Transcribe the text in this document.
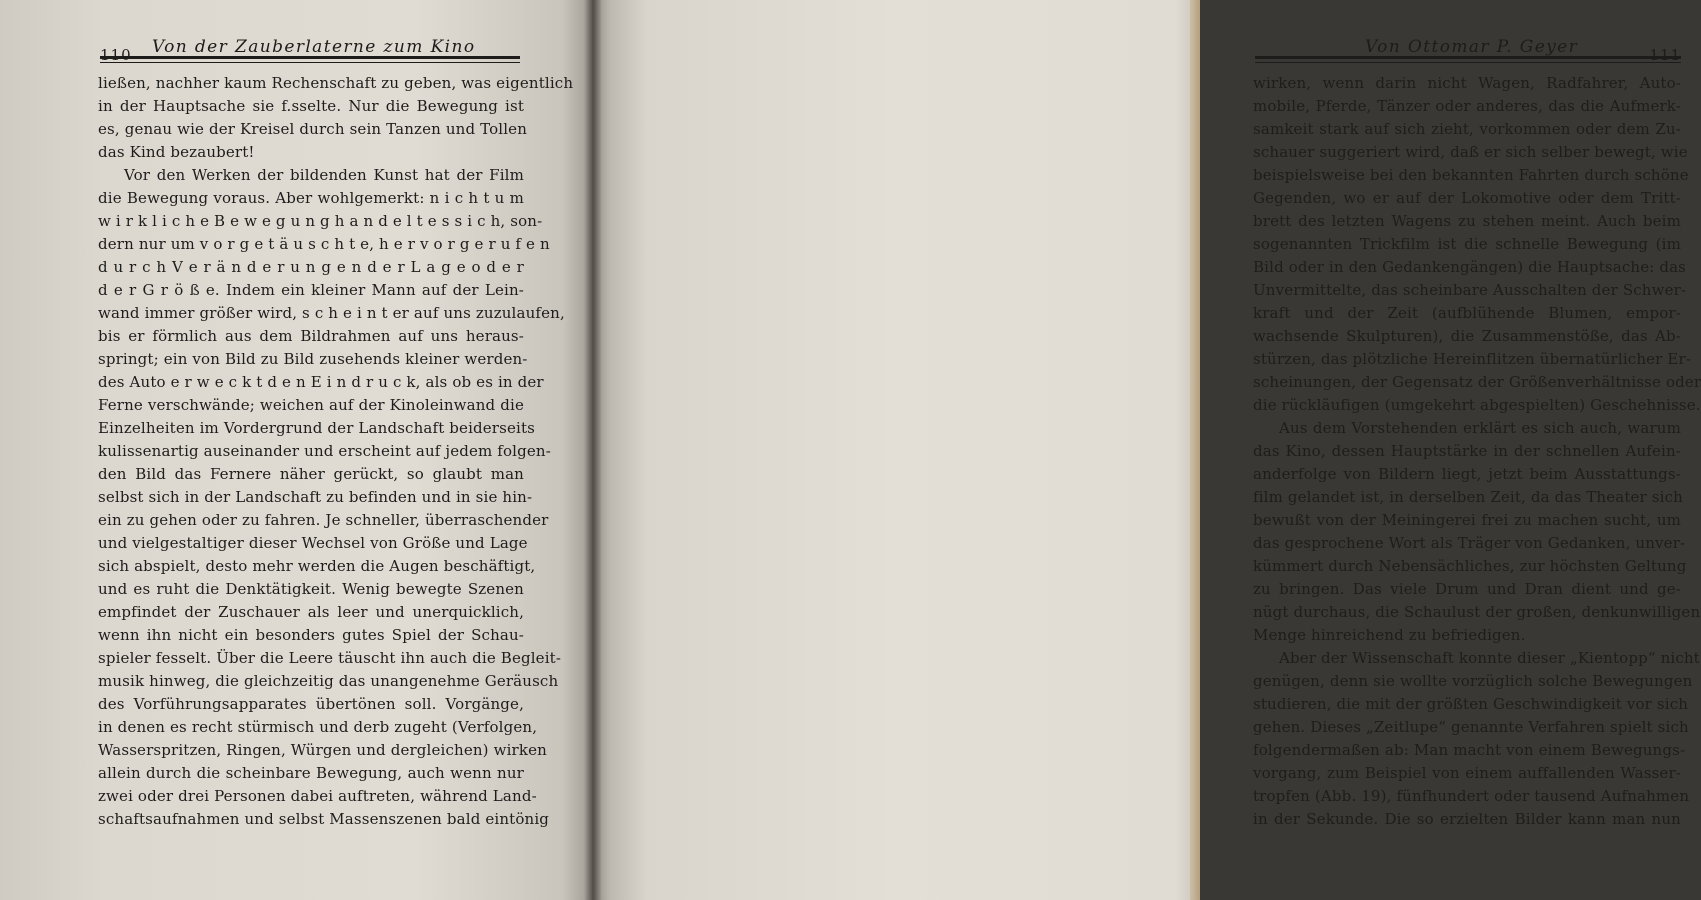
110 Von der Zauberlaterne zum Kino
ließen, nachher kaum Rechenschaft zu geben, was eigentlich
in der Hauptsache sie f.sselte. Nur die Bewegung ist
es, genau wie der Kreisel durch sein Tanzen und Tollen
das Kind bezaubert!
Vor den Werken der bildenden Kunst hat der Film
die Bewegung voraus. Aber wohlgemerkt: n i c h t u m
w i r k l i c h e B e w e g u n g h a n d e l t e s s i c h, son-
dern nur um v o r g e t ä u s c h t e, h e r v o r g e r u f e n
d u r c h V e r ä n d e r u n g e n d e r L a g e o d e r
d e r G r ö ß e. Indem ein kleiner Mann auf der Lein-
wand immer größer wird, s c h e i n t er auf uns zuzulaufen,
bis er förmlich aus dem Bildrahmen auf uns heraus-
springt; ein von Bild zu Bild zusehends kleiner werden-
des Auto e r w e c k t d e n E i n d r u c k, als ob es in der
Ferne verschwände; weichen auf der Kinoleinwand die
Einzelheiten im Vordergrund der Landschaft beiderseits
kulissenartig auseinander und erscheint auf jedem folgen-
den Bild das Fernere näher gerückt, so glaubt man
selbst sich in der Landschaft zu befinden und in sie hin-
ein zu gehen oder zu fahren. Je schneller, überraschender
und vielgestaltiger dieser Wechsel von Größe und Lage
sich abspielt, desto mehr werden die Augen beschäftigt,
und es ruht die Denktätigkeit. Wenig bewegte Szenen
empfindet der Zuschauer als leer und unerquicklich,
wenn ihn nicht ein besonders gutes Spiel der Schau-
spieler fesselt. Über die Leere täuscht ihn auch die Begleit-
musik hinweg, die gleichzeitig das unangenehme Geräusch
des Vorführungsapparates übertönen soll. Vorgänge,
in denen es recht stürmisch und derb zugeht (Verfolgen,
Wasserspritzen, Ringen, Würgen und dergleichen) wirken
allein durch die scheinbare Bewegung, auch wenn nur
zwei oder drei Personen dabei auftreten, während Land-
schaftsaufnahmen und selbst Massenszenen bald eintönig
Von Ottomar P. Geyer	111
wirken, wenn darin nicht Wagen, Radfahrer, Auto-
mobile, Pferde, Tänzer oder anderes, das die Aufmerk-
samkeit stark auf sich zieht, vorkommen oder dem Zu-
schauer suggeriert wird, daß er sich selber bewegt, wie
beispielsweise bei den bekannten Fahrten durch schöne
Gegenden, wo er auf der Lokomotive oder dem Tritt-
brett des letzten Wagens zu stehen meint. Auch beim
sogenannten Trickfilm ist die schnelle Bewegung (im
Bild oder in den Gedankengängen) die Hauptsache: das
Unvermittelte, das scheinbare Ausschalten der Schwer-
kraft und der Zeit (aufblühende Blumen, empor-
wachsende Skulpturen), die Zusammenstöße, das Ab-
stürzen, das plötzliche Hereinflitzen übernatürlicher Er-
scheinungen, der Gegensatz der Größenverhältnisse oder
die rückläufigen (umgekehrt abgespielten) Geschehnisse.
Aus dem Vorstehenden erklärt es sich auch, warum
das Kino, dessen Hauptstärke in der schnellen Aufein-
anderfolge von Bildern liegt, jetzt beim Ausstattungs-
film gelandet ist, in derselben Zeit, da das Theater sich
bewußt von der Meiningerei frei zu machen sucht, um
das gesprochene Wort als Träger von Gedanken, unver-
kümmert durch Nebensächliches, zur höchsten Geltung
zu bringen. Das viele Drum und Dran dient und ge-
nügt durchaus, die Schaulust der großen, denkunwilligen
Menge hinreichend zu befriedigen.
Aber der Wissenschaft konnte dieser „Kientopp“ nicht
genügen, denn sie wollte vorzüglich solche Bewegungen
studieren, die mit der größten Geschwindigkeit vor sich
gehen. Dieses „Zeitlupe“ genannte Verfahren spielt sich
folgendermaßen ab: Man macht von einem Bewegungs-
vorgang, zum Beispiel von einem auffallenden Wasser-
tropfen (Abb. 19), fünfhundert oder tausend Aufnahmen
in der Sekunde. Die so erzielten Bilder kann man nun
